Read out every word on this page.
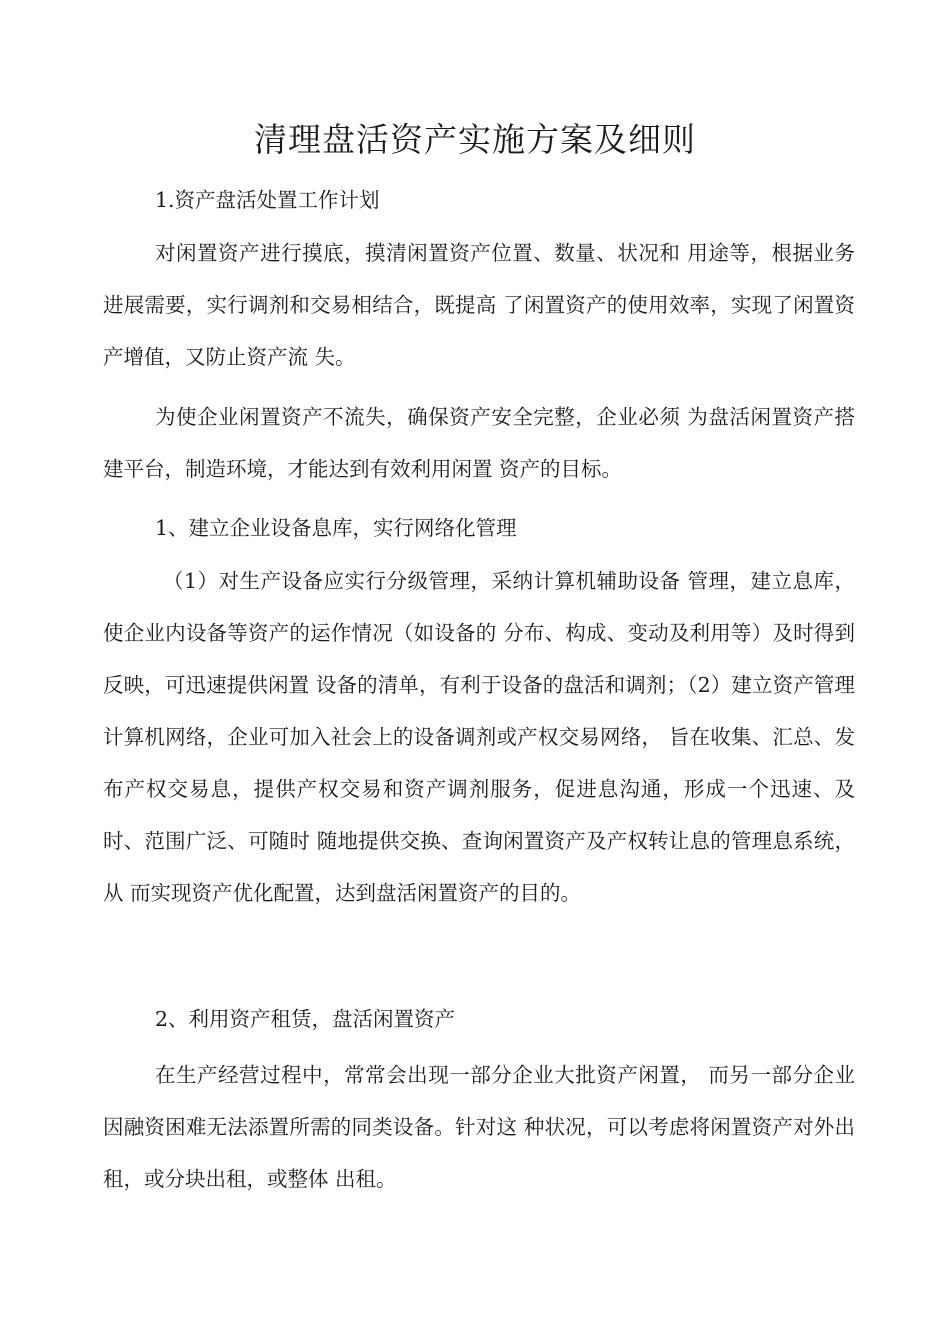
清理盘活资产实施方案及细则

1.资产盘活处置工作计划

对闲置资产进行摸底，摸清闲置资产位置、数量、状况和 用途等，根据业务进展需要，实行调剂和交易相结合，既提高 了闲置资产的使用效率，实现了闲置资产增值，又防止资产流 失。

为使企业闲置资产不流失，确保资产安全完整，企业必须 为盘活闲置资产搭建平台，制造环境，才能达到有效利用闲置 资产的目标。

1、建立企业设备息库，实行网络化管理

（1）对生产设备应实行分级管理，采纳计算机辅助设备 管理，建立息库，使企业内设备等资产的运作情况（如设备的 分布、构成、变动及利用等）及时得到反映，可迅速提供闲置 设备的清单，有利于设备的盘活和调剂；（2）建立资产管理 计算机网络，企业可加入社会上的设备调剂或产权交易网络， 旨在收集、汇总、发布产权交易息，提供产权交易和资产调剂服务，促进息沟通，形成一个迅速、及时、范围广泛、可随时 随地提供交换、查询闲置资产及产权转让息的管理息系统，从 而实现资产优化配置，达到盘活闲置资产的目的。

2、利用资产租赁，盘活闲置资产

在生产经营过程中，常常会出现一部分企业大批资产闲置， 而另一部分企业因融资困难无法添置所需的同类设备。针对这 种状况，可以考虑将闲置资产对外出租，或分块出租，或整体 出租。
